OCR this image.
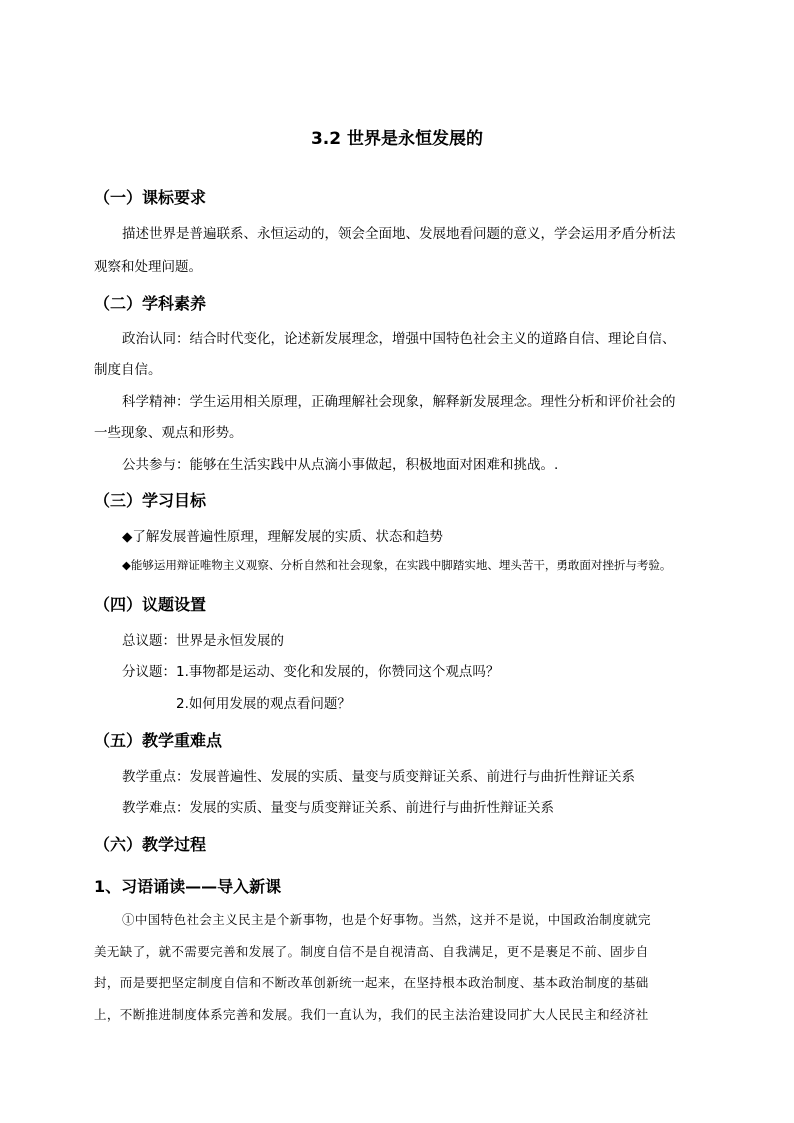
3.2 世界是永恒发展的
（一）课标要求
描述世界是普遍联系、永恒运动的，领会全面地、发展地看问题的意义，学会运用矛盾分析法
观察和处理问题。
（二）学科素养
政治认同：结合时代变化，论述新发展理念，增强中国特色社会主义的道路自信、理论自信、
制度自信。
科学精神：学生运用相关原理，正确理解社会现象，解释新发展理念。理性分析和评价社会的
一些现象、观点和形势。
公共参与：能够在生活实践中从点滴小事做起，积极地面对困难和挑战。.
（三）学习目标
◆了解发展普遍性原理，理解发展的实质、状态和趋势
◆能够运用辩证唯物主义观察、分析自然和社会现象，在实践中脚踏实地、埋头苦干，勇敢面对挫折与考验。
（四）议题设置
总议题：世界是永恒发展的
分议题：1.事物都是运动、变化和发展的，你赞同这个观点吗？
2.如何用发展的观点看问题？
（五）教学重难点
教学重点：发展普遍性、发展的实质、量变与质变辩证关系、前进行与曲折性辩证关系
教学难点：发展的实质、量变与质变辩证关系、前进行与曲折性辩证关系
（六）教学过程
1、习语诵读——导入新课
①中国特色社会主义民主是个新事物，也是个好事物。当然，这并不是说，中国政治制度就完
美无缺了，就不需要完善和发展了。制度自信不是自视清高、自我满足，更不是裹足不前、固步自
封，而是要把坚定制度自信和不断改革创新统一起来，在坚持根本政治制度、基本政治制度的基础
上，不断推进制度体系完善和发展。我们一直认为，我们的民主法治建设同扩大人民民主和经济社
